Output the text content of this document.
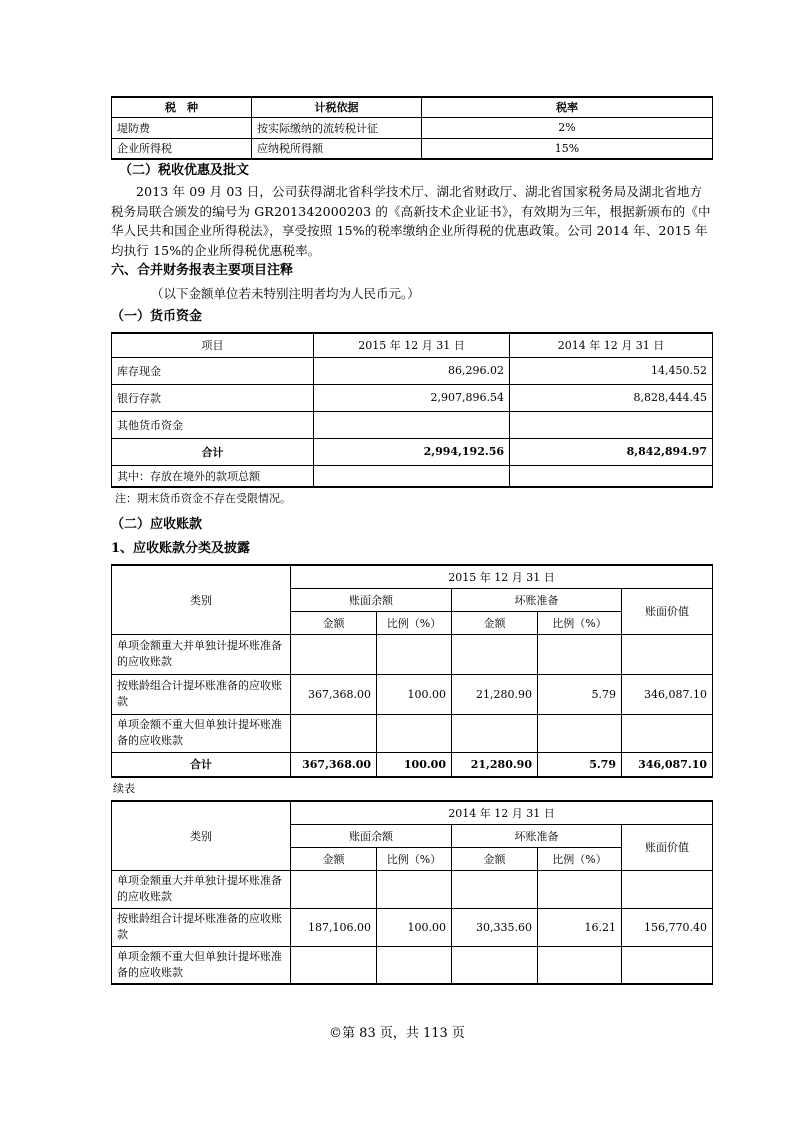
税　种	计税依据	税率
堤防费	按实际缴纳的流转税计征	2%
企业所得税	应纳税所得额	15%
（二）税收优惠及批文

2013 年 09 月 03 日，公司获得湖北省科学技术厅、湖北省财政厅、湖北省国家税务局及湖北省地方税务局联合颁发的编号为 GR201342000203 的《高新技术企业证书》，有效期为三年，根据新颁布的《中华人民共和国企业所得税法》，享受按照 15%的税率缴纳企业所得税的优惠政策。公司 2014 年、2015 年均执行 15%的企业所得税优惠税率。

六、合并财务报表主要项目注释
（以下金额单位若未特别注明者均为人民币元。）
（一）货币资金
项目	2015 年 12 月 31 日	2014 年 12 月 31 日
库存现金	86,296.02	14,450.52
银行存款	2,907,896.54	8,828,444.45
其他货币资金		
合计	2,994,192.56	8,842,894.97
其中：存放在境外的款项总额		
注：期末货币资金不存在受限情况。
（二）应收账款
1、应收账款分类及披露
类别	2015 年 12 月 31 日				
	账面余额		坏账准备		账面价值
	金额	比例（%）	金额	比例（%）	
单项金额重大并单独计提坏账准备的应收账款					
按账龄组合计提坏账准备的应收账款	367,368.00	100.00	21,280.90	5.79	346,087.10
单项金额不重大但单独计提坏账准备的应收账款					
合计	367,368.00	100.00	21,280.90	5.79	346,087.10
续表
类别	2014 年 12 月 31 日				
	账面余额		坏账准备		账面价值
	金额	比例（%）	金额	比例（%）	
单项金额重大并单独计提坏账准备的应收账款					
按账龄组合计提坏账准备的应收账款	187,106.00	100.00	30,335.60	16.21	156,770.40
单项金额不重大但单独计提坏账准备的应收账款					
©第 83 页，共 113 页
